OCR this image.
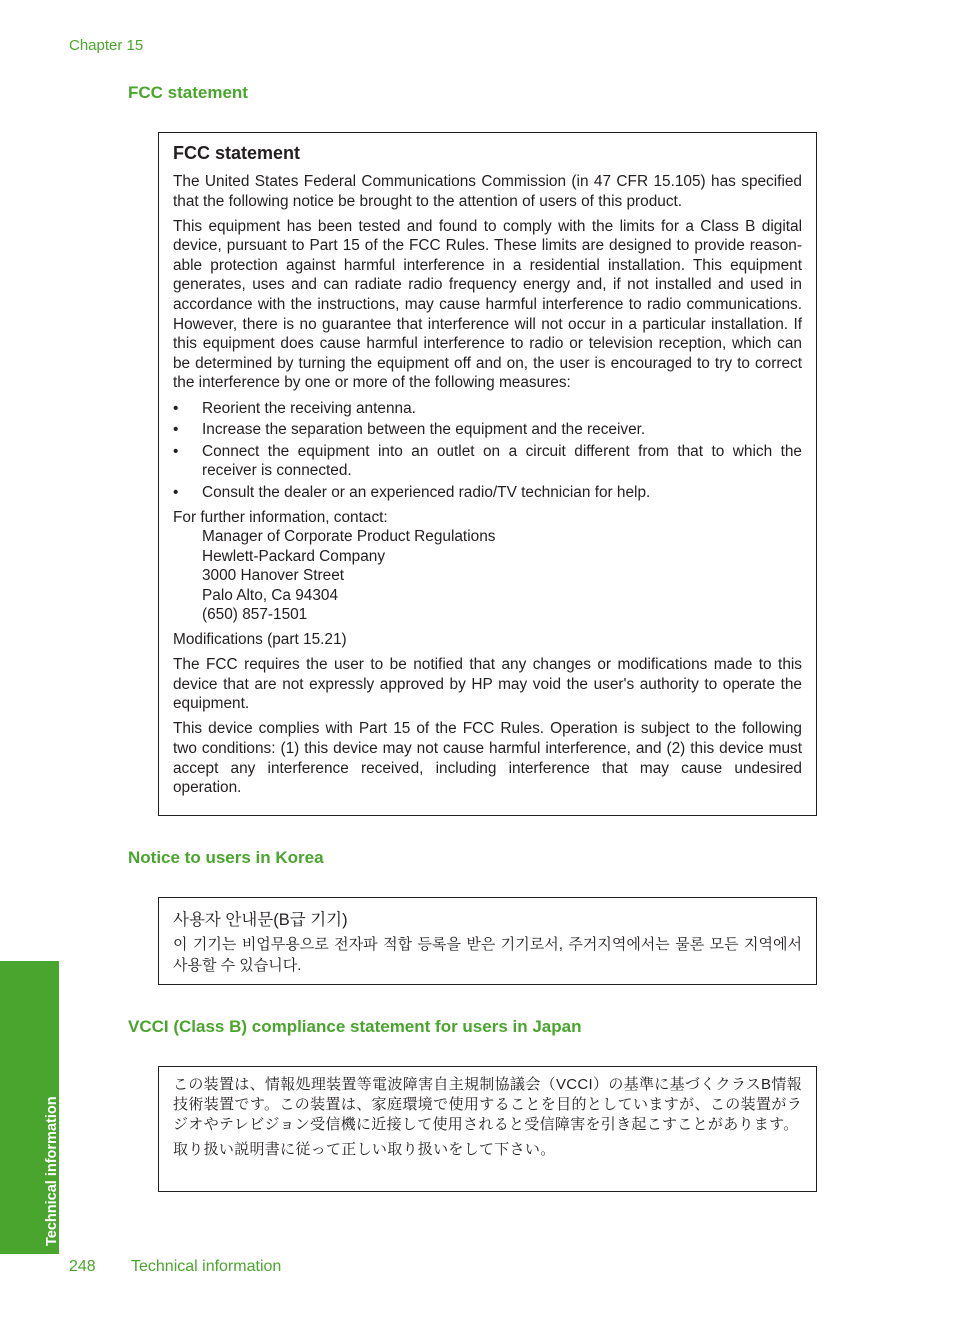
Chapter 15
FCC statement
FCC statement
The United States Federal Communications Commission (in 47 CFR 15.105) has specified that the following notice be brought to the attention of users of this product.
This equipment has been tested and found to comply with the limits for a Class B digital device, pursuant to Part 15 of the FCC Rules. These limits are designed to provide reason-able protection against harmful interference in a residential installation. This equipment generates, uses and can radiate radio frequency energy and, if not installed and used in accordance with the instructions, may cause harmful interference to radio communications. However, there is no guarantee that interference will not occur in a particular installation. If this equipment does cause harmful interference to radio or television reception, which can be determined by turning the equipment off and on, the user is encouraged to try to correct the interference by one or more of the following measures:
• Reorient the receiving antenna.
• Increase the separation between the equipment and the receiver.
• Connect the equipment into an outlet on a circuit different from that to which the receiver is connected.
• Consult the dealer or an experienced radio/TV technician for help.
For further information, contact:
Manager of Corporate Product Regulations
Hewlett-Packard Company
3000 Hanover Street
Palo Alto, Ca 94304
(650) 857-1501
Modifications (part 15.21)
The FCC requires the user to be notified that any changes or modifications made to this device that are not expressly approved by HP may void the user's authority to operate the equipment.
This device complies with Part 15 of the FCC Rules. Operation is subject to the following two conditions: (1) this device may not cause harmful interference, and (2) this device must accept any interference received, including interference that may cause undesired operation.
Notice to users in Korea
사용자 안내문(B급 기기)
이 기기는 비업무용으로 전자파 적합 등록을 받은 기기로서, 주거지역에서는 물론 모든 지역에서 사용할 수 있습니다.
VCCI (Class B) compliance statement for users in Japan
この装置は、情報処理装置等電波障害自主規制協議会（VCCI）の基準に基づくクラスB情報技術装置です。この装置は、家庭環境で使用することを目的としていますが、この装置がラジオやテレビジョン受信機に近接して使用されると受信障害を引き起こすことがあります。
取り扱い説明書に従って正しい取り扱いをして下さい。
Technical information
248 Technical information
